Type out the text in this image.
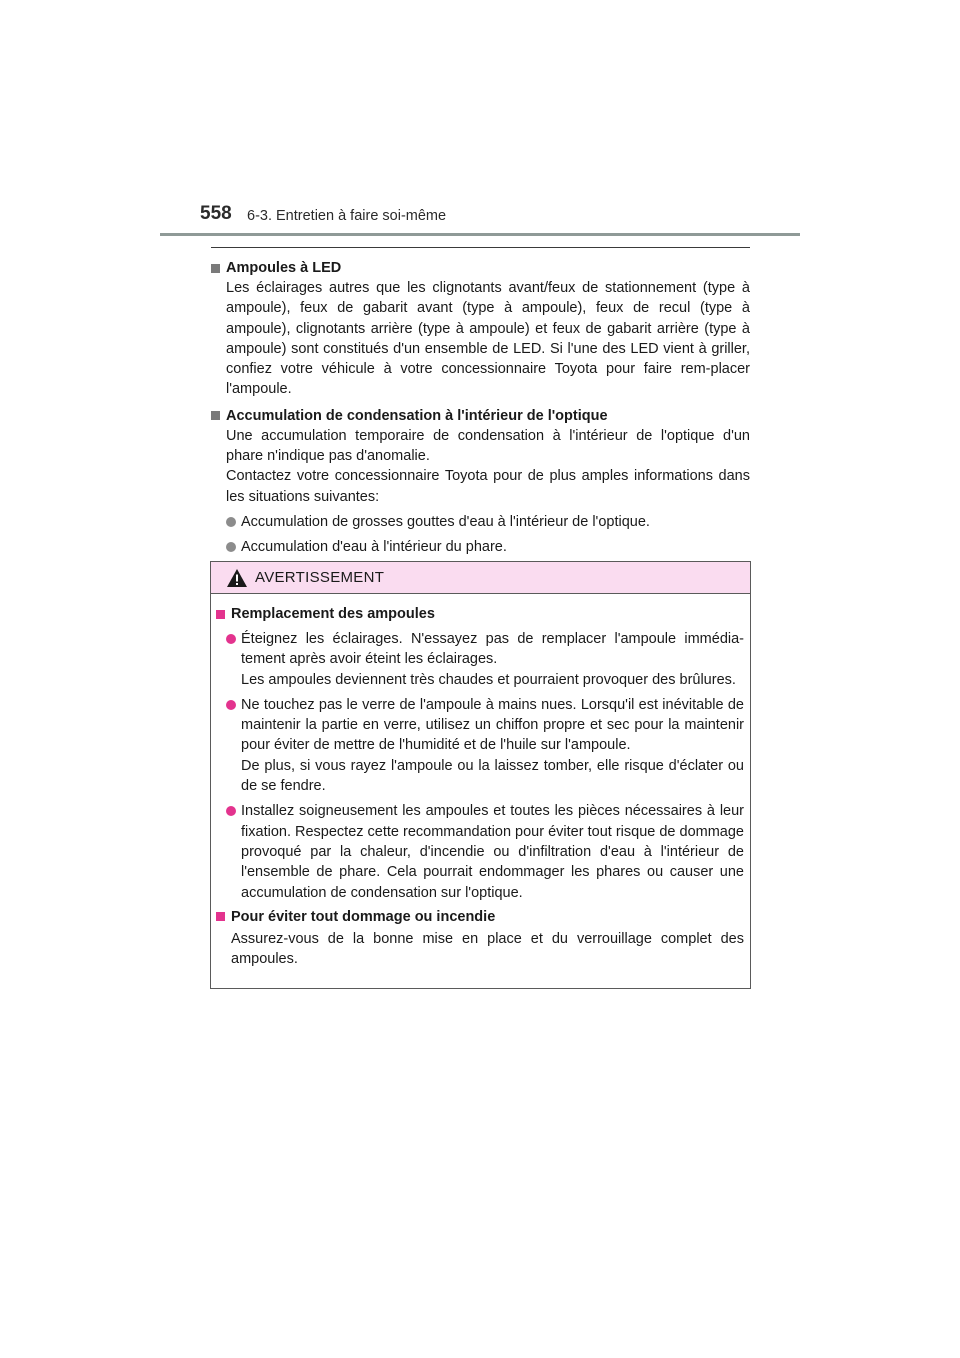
558 6-3. Entretien à faire soi-même
Ampoules à LED
Les éclairages autres que les clignotants avant/feux de stationnement (type à ampoule), feux de gabarit avant (type à ampoule), feux de recul (type à ampoule), clignotants arrière (type à ampoule) et feux de gabarit arrière (type à ampoule) sont constitués d'un ensemble de LED. Si l'une des LED vient à griller, confiez votre véhicule à votre concessionnaire Toyota pour faire rem-placer l'ampoule.
Accumulation de condensation à l'intérieur de l'optique
Une accumulation temporaire de condensation à l'intérieur de l'optique d'un phare n'indique pas d'anomalie.
Contactez votre concessionnaire Toyota pour de plus amples informations dans les situations suivantes:
Accumulation de grosses gouttes d'eau à l'intérieur de l'optique.
Accumulation d'eau à l'intérieur du phare.
AVERTISSEMENT
Remplacement des ampoules
Éteignez les éclairages. N'essayez pas de remplacer l'ampoule immédia-tement après avoir éteint les éclairages.
Les ampoules deviennent très chaudes et pourraient provoquer des brûlures.
Ne touchez pas le verre de l'ampoule à mains nues. Lorsqu'il est inévitable de maintenir la partie en verre, utilisez un chiffon propre et sec pour la maintenir pour éviter de mettre de l'humidité et de l'huile sur l'ampoule.
De plus, si vous rayez l'ampoule ou la laissez tomber, elle risque d'éclater ou de se fendre.
Installez soigneusement les ampoules et toutes les pièces nécessaires à leur fixation. Respectez cette recommandation pour éviter tout risque de dommage provoqué par la chaleur, d'incendie ou d'infiltration d'eau à l'intérieur de l'ensemble de phare. Cela pourrait endommager les phares ou causer une accumulation de condensation sur l'optique.
Pour éviter tout dommage ou incendie
Assurez-vous de la bonne mise en place et du verrouillage complet des ampoules.
